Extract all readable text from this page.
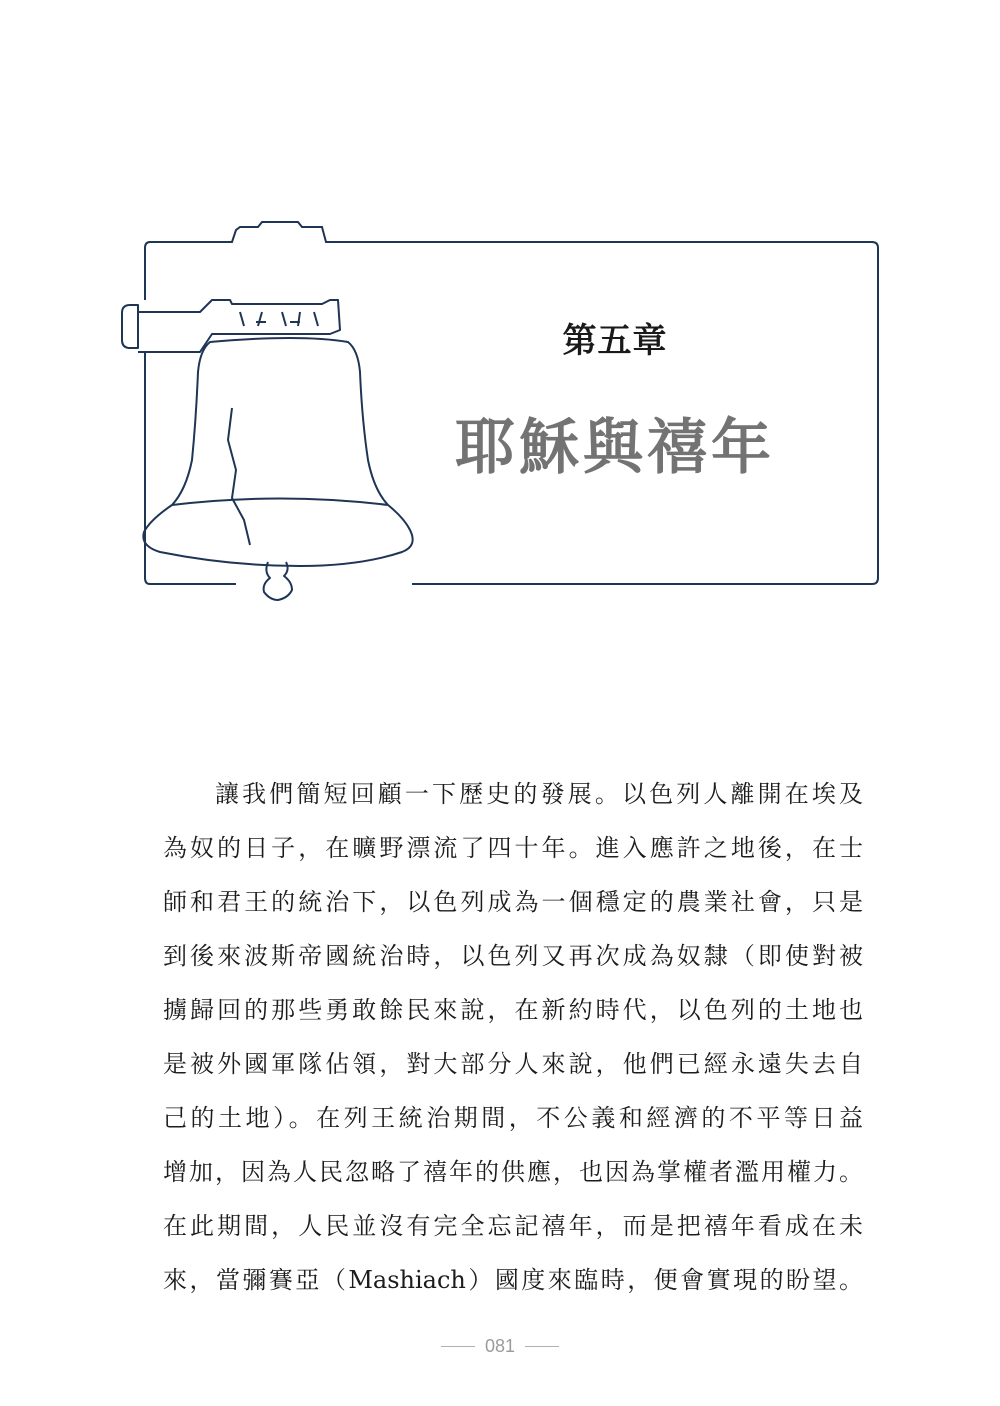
第五章
耶穌與禧年
讓我們簡短回顧一下歷史的發展。以色列人離開在埃及
為奴的日子，在曠野漂流了四十年。進入應許之地後，在士
師和君王的統治下，以色列成為一個穩定的農業社會，只是
到後來波斯帝國統治時，以色列又再次成為奴隸（即使對被
擄歸回的那些勇敢餘民來說，在新約時代，以色列的土地也
是被外國軍隊佔領，對大部分人來說，他們已經永遠失去自
己的土地）。在列王統治期間，不公義和經濟的不平等日益
增加，因為人民忽略了禧年的供應，也因為掌權者濫用權力。
在此期間，人民並沒有完全忘記禧年，而是把禧年看成在未
來，當彌賽亞（Mashiach）國度來臨時，便會實現的盼望。
081
